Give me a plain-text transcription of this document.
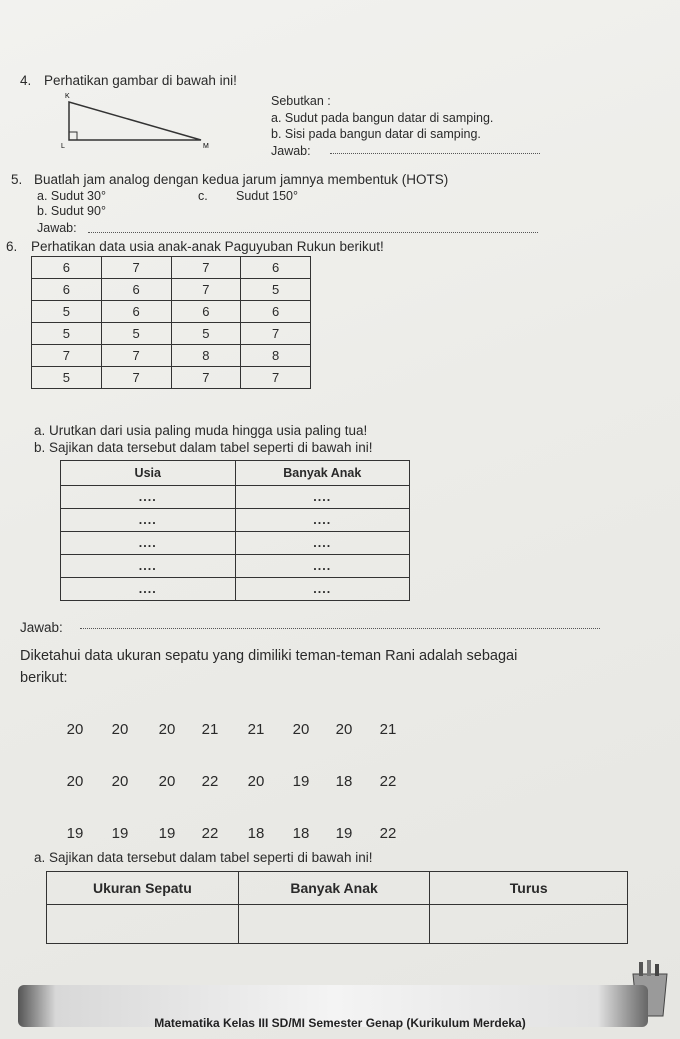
4. Perhatikan gambar di bawah ini!
K
L	M
Sebutkan :
a. Sudut pada bangun datar di samping.
b. Sisi pada bangun datar di samping.
Jawab:
5. Buatlah jam analog dengan kedua jarum jamnya membentuk (HOTS)
a. Sudut 30°	c. Sudut 150°
b. Sudut 90°
Jawab:
6. Perhatikan data usia anak-anak Paguyuban Rukun berikut!
6	7	7	6
6	6	7	5
5	6	6	6
5	5	5	7
7	7	8	8
5	7	7	7
a. Urutkan dari usia paling muda hingga usia paling tua!
b. Sajikan data tersebut dalam tabel seperti di bawah ini!
Usia	Banyak Anak
....	....
....	....
....	....
....	....
....	....
Jawab:
Diketahui data ukuran sepatu yang dimiliki teman-teman Rani adalah sebagai
berikut:
20	20	20	21	21	20	20	21
20	20	20	22	20	19	18	22
19	19	19	22	18	18	19	22
a. Sajikan data tersebut dalam tabel seperti di bawah ini!
Ukuran Sepatu	Banyak Anak	Turus

Matematika Kelas III SD/MI Semester Genap (Kurikulum Merdeka)
